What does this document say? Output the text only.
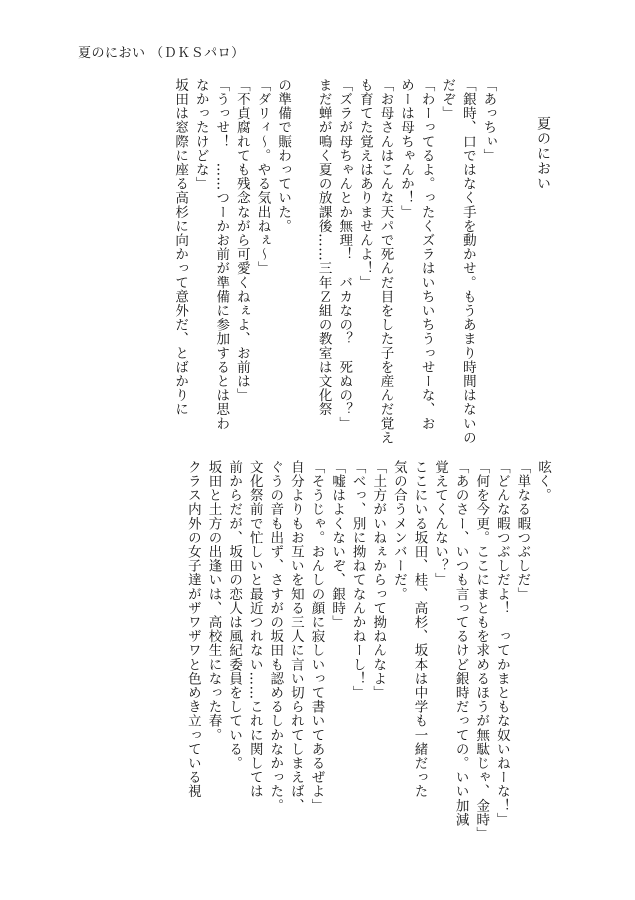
夏のにおい （ＤＫＳパロ）
夏のにおい
「あっちぃ」
「銀時、口ではなく手を動かせ。もうあまり時間はないの
だぞ」
「わーってるよ。ったくズラはいちいちうっせーな、お
めーは母ちゃんか！」
「お母さんはこんな天パで死んだ目をした子を産んだ覚え
も育てた覚えはありませんよ！」
「ズラが母ちゃんとか無理！　バカなの？　死ぬの？」
まだ蝉が鳴く夏の放課後……三年Ｚ組の教室は文化祭
の準備で賑わっていた。
「ダリィ～。やる気出ねぇ～」
「不貞腐れても残念ながら可愛くねぇよ、お前は」
「うっせ！　……つーかお前が準備に参加するとは思わ
なかったけどな」
坂田は窓際に座る高杉に向かって意外だ、とばかりに
呟く。
「単なる暇つぶしだ」
「どんな暇つぶしだよ！　ってかまともな奴いねーな！」
「何を今更。ここにまともを求めるほうが無駄じゃ、金時」
「あのさー、いつも言ってるけど銀時だっての。いい加減
覚えてくんない？」
ここにいる坂田、桂、高杉、坂本は中学も一緒だった
気の合うメンバーだ。
「土方がいねぇからって拗ねんなよ」
「べっ、別に拗ねてなんかねーし！」
「嘘はよくないぞ、銀時」
「そうじゃ。おんしの顔に寂しいって書いてあるぜよ」
自分よりもお互いを知る三人に言い切られてしまえば、
ぐうの音も出ず、さすがの坂田も認めるしかなかった。
文化祭前で忙しいと最近つれない……これに関しては
前からだが、坂田の恋人は風紀委員をしている。
坂田と土方の出逢いは、高校生になった春。
クラス内外の女子達がザワザワと色めき立っている視
